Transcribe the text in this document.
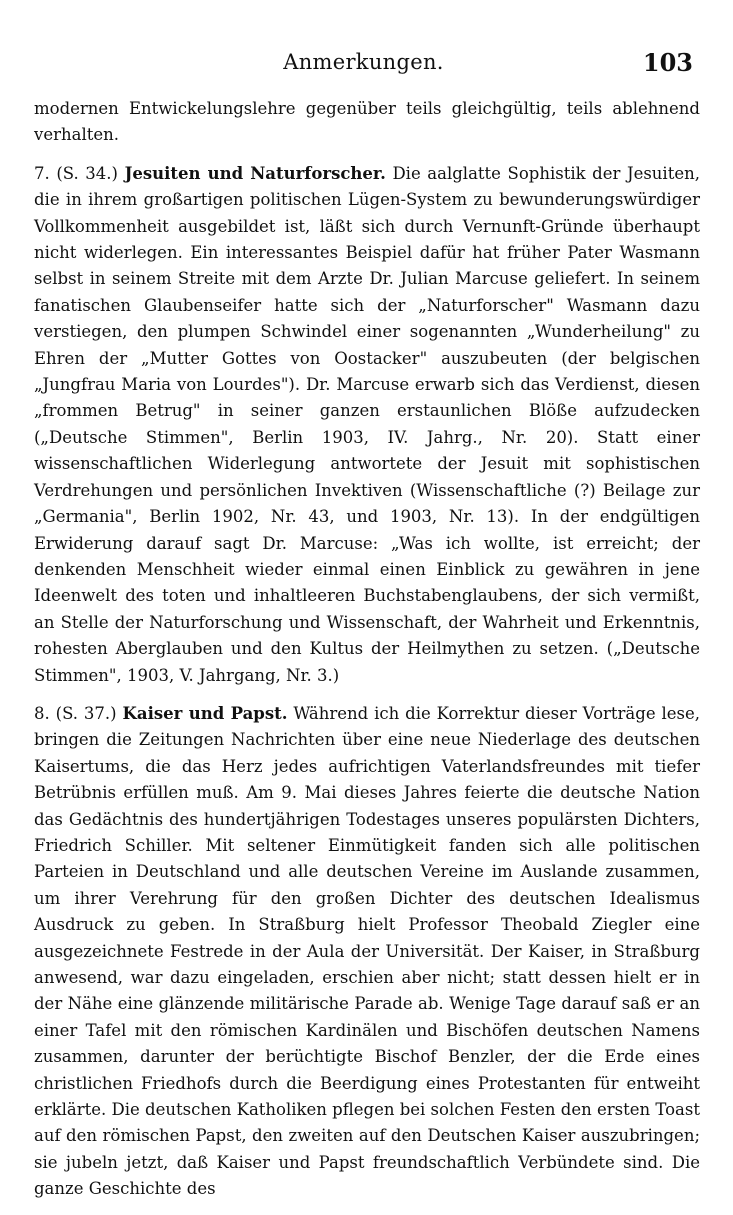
Anmerkungen.	103

modernen Entwickelungslehre gegenüber teils gleichgültig, teils ablehnend verhalten.

7. (S. 34.) Jesuiten und Naturforscher. Die aalglatte Sophistik der Jesuiten, die in ihrem großartigen politischen Lügen-System zu bewunderungswürdiger Vollkommenheit ausgebildet ist, läßt sich durch Vernunft-Gründe überhaupt nicht widerlegen. Ein interessantes Beispiel dafür hat früher Pater Wasmann selbst in seinem Streite mit dem Arzte Dr. Julian Marcuse geliefert. In seinem fanatischen Glaubenseifer hatte sich der „Naturforscher" Wasmann dazu verstiegen, den plumpen Schwindel einer sogenannten „Wunderheilung" zu Ehren der „Mutter Gottes von Oostacker" auszubeuten (der belgischen „Jungfrau Maria von Lourdes"). Dr. Marcuse erwarb sich das Verdienst, diesen „frommen Betrug" in seiner ganzen erstaunlichen Blöße aufzudecken („Deutsche Stimmen", Berlin 1903, IV. Jahrg., Nr. 20). Statt einer wissenschaftlichen Widerlegung antwortete der Jesuit mit sophistischen Verdrehungen und persönlichen Invektiven (Wissenschaftliche (?) Beilage zur „Germania", Berlin 1902, Nr. 43, und 1903, Nr. 13). In der endgültigen Erwiderung darauf sagt Dr. Marcuse: „Was ich wollte, ist erreicht; der denkenden Menschheit wieder einmal einen Einblick zu gewähren in jene Ideenwelt des toten und inhaltleeren Buchstabenglaubens, der sich vermißt, an Stelle der Naturforschung und Wissenschaft, der Wahrheit und Erkenntnis, rohesten Aberglauben und den Kultus der Heilmythen zu setzen. („Deutsche Stimmen", 1903, V. Jahrgang, Nr. 3.)

8. (S. 37.) Kaiser und Papst. Während ich die Korrektur dieser Vorträge lese, bringen die Zeitungen Nachrichten über eine neue Niederlage des deutschen Kaisertums, die das Herz jedes aufrichtigen Vaterlandsfreundes mit tiefer Betrübnis erfüllen muß. Am 9. Mai dieses Jahres feierte die deutsche Nation das Gedächtnis des hundertjährigen Todestages unseres populärsten Dichters, Friedrich Schiller. Mit seltener Einmütigkeit fanden sich alle politischen Parteien in Deutschland und alle deutschen Vereine im Auslande zusammen, um ihrer Verehrung für den großen Dichter des deutschen Idealismus Ausdruck zu geben. In Straßburg hielt Professor Theobald Ziegler eine ausgezeichnete Festrede in der Aula der Universität. Der Kaiser, in Straßburg anwesend, war dazu eingeladen, erschien aber nicht; statt dessen hielt er in der Nähe eine glänzende militärische Parade ab. Wenige Tage darauf saß er an einer Tafel mit den römischen Kardinälen und Bischöfen deutschen Namens zusammen, darunter der berüchtigte Bischof Benzler, der die Erde eines christlichen Friedhofs durch die Beerdigung eines Protestanten für entweiht erklärte. Die deutschen Katholiken pflegen bei solchen Festen den ersten Toast auf den römischen Papst, den zweiten auf den Deutschen Kaiser auszubringen; sie jubeln jetzt, daß Kaiser und Papst freundschaftlich Verbündete sind. Die ganze Geschichte des
